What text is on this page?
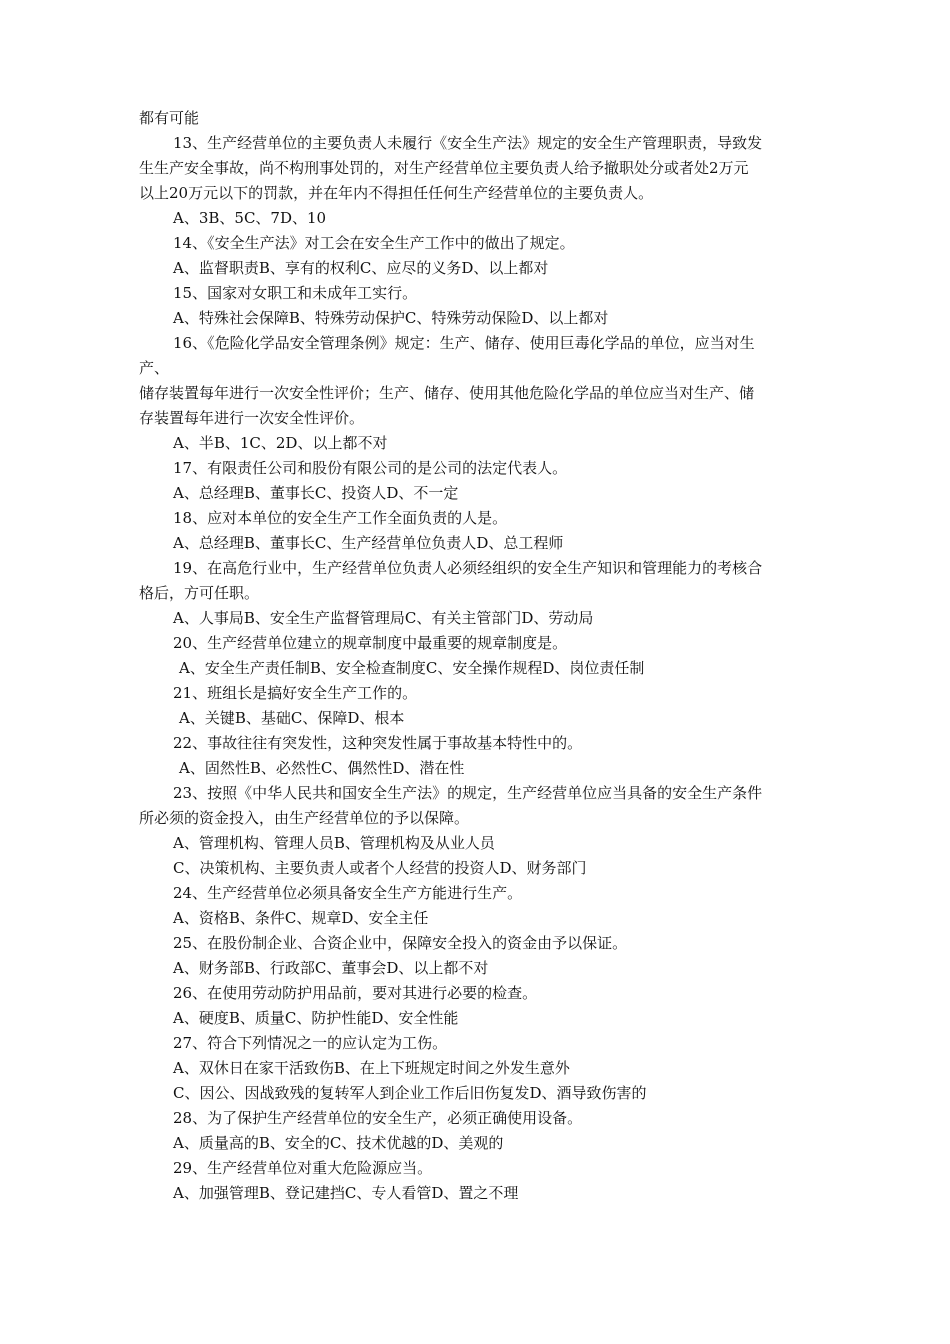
都有可能
13、生产经营单位的主要负责人未履行《安全生产法》规定的安全生产管理职责，导致发
生生产安全事故，尚不构刑事处罚的，对生产经营单位主要负责人给予撤职处分或者处2万元
以上20万元以下的罚款，并在年内不得担任任何生产经营单位的主要负责人。
A、3B、5C、7D、10
14、《安全生产法》对工会在安全生产工作中的做出了规定。
A、监督职责B、享有的权利C、应尽的义务D、以上都对
15、国家对女职工和未成年工实行。
A、特殊社会保障B、特殊劳动保护C、特殊劳动保险D、以上都对
16、《危险化学品安全管理条例》规定：生产、储存、使用巨毒化学品的单位，应当对生
产、
储存装置每年进行一次安全性评价；生产、储存、使用其他危险化学品的单位应当对生产、储
存装置每年进行一次安全性评价。
A、半B、1C、2D、以上都不对
17、有限责任公司和股份有限公司的是公司的法定代表人。
A、总经理B、董事长C、投资人D、不一定
18、应对本单位的安全生产工作全面负责的人是。
A、总经理B、董事长C、生产经营单位负责人D、总工程师
19、在高危行业中，生产经营单位负责人必须经组织的安全生产知识和管理能力的考核合
格后，方可任职。
A、人事局B、安全生产监督管理局C、有关主管部门D、劳动局
20、生产经营单位建立的规章制度中最重要的规章制度是。
A、安全生产责任制B、安全检查制度C、安全操作规程D、岗位责任制
21、班组长是搞好安全生产工作的。
A、关键B、基础C、保障D、根本
22、事故往往有突发性，这种突发性属于事故基本特性中的。
A、固然性B、必然性C、偶然性D、潜在性
23、按照《中华人民共和国安全生产法》的规定，生产经营单位应当具备的安全生产条件
所必须的资金投入，由生产经营单位的予以保障。
A、管理机构、管理人员B、管理机构及从业人员
C、决策机构、主要负责人或者个人经营的投资人D、财务部门
24、生产经营单位必须具备安全生产方能进行生产。
A、资格B、条件C、规章D、安全主任
25、在股份制企业、合资企业中，保障安全投入的资金由予以保证。
A、财务部B、行政部C、董事会D、以上都不对
26、在使用劳动防护用品前，要对其进行必要的检查。
A、硬度B、质量C、防护性能D、安全性能
27、符合下列情况之一的应认定为工伤。
A、双休日在家干活致伤B、在上下班规定时间之外发生意外
C、因公、因战致残的复转军人到企业工作后旧伤复发D、酒导致伤害的
28、为了保护生产经营单位的安全生产，必须正确使用设备。
A、质量高的B、安全的C、技术优越的D、美观的
29、生产经营单位对重大危险源应当。
A、加强管理B、登记建挡C、专人看管D、置之不理
